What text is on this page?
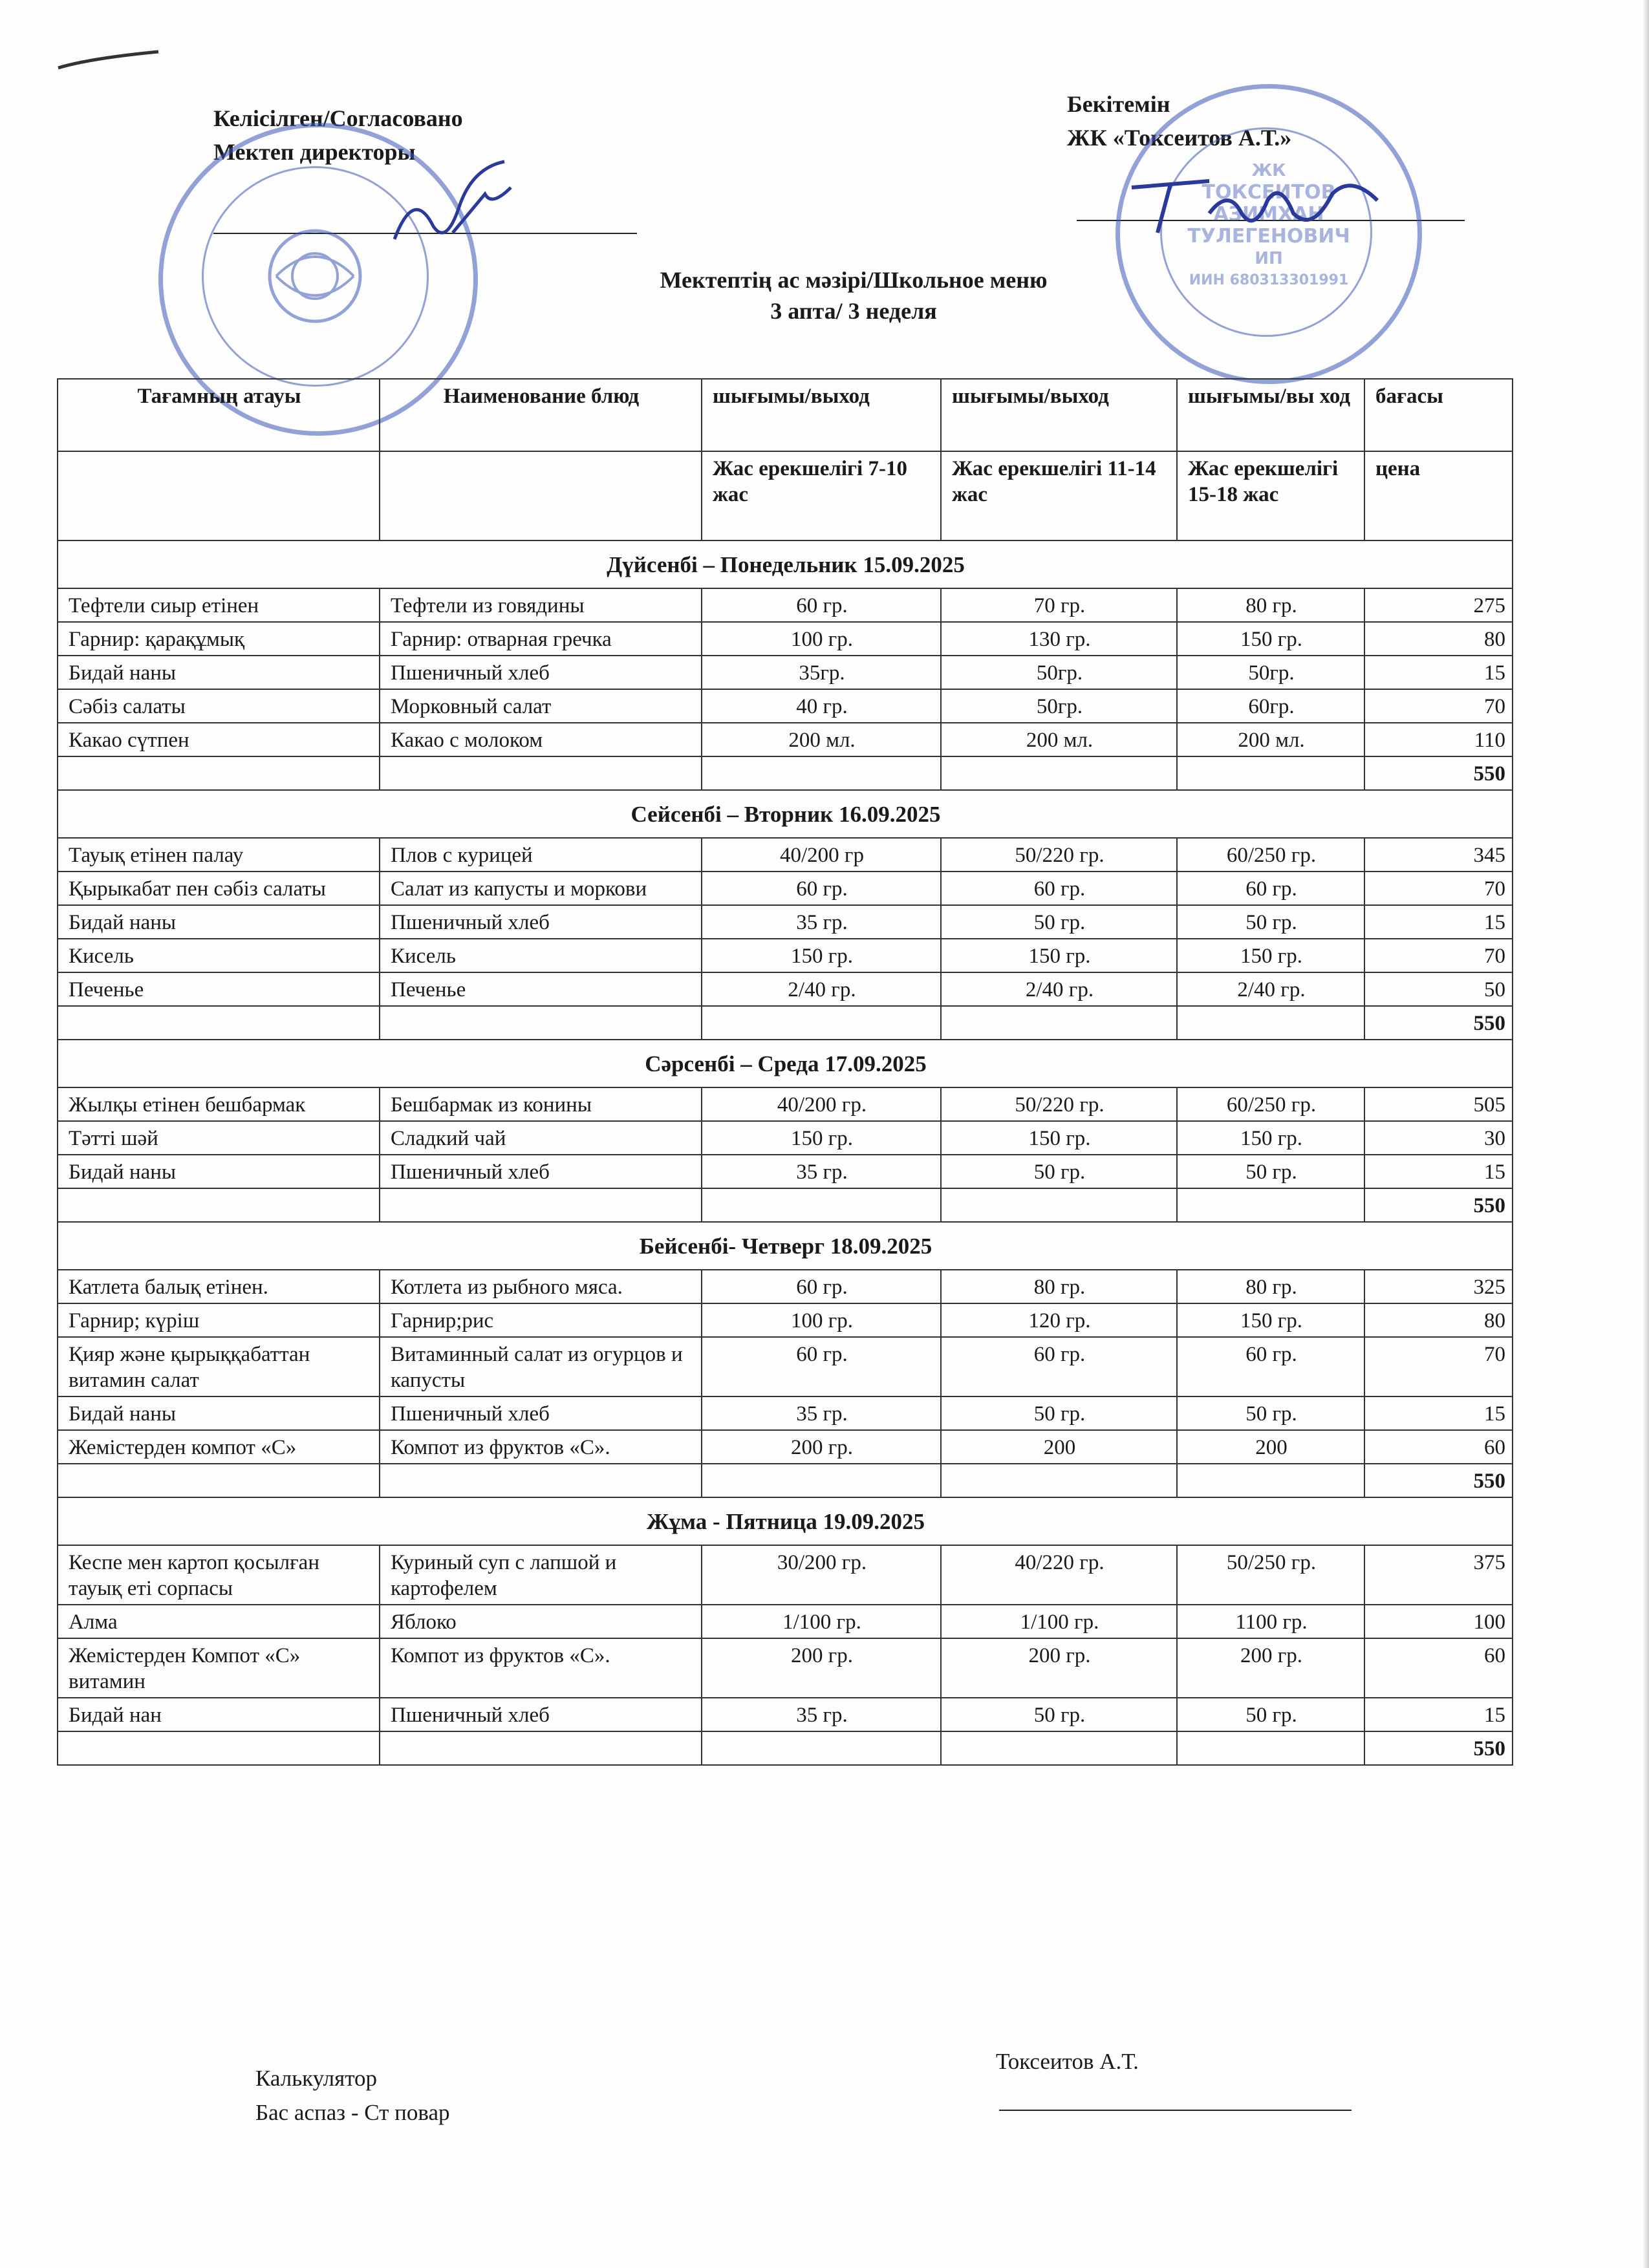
Келісілген/Согласовано
Мектеп директоры
Бекітемін
ЖК «Токсеитов А.Т.»
ЖК
ТОКСЕИТОВ
АЗИМХАН
ТУЛЕГЕНОВИЧ
ИП
ИИН 680313301991
Мектептің ас мәзірі/Школьное меню
3 апта/ 3 неделя
Тағамның атауы	Наименование блюд	шығымы/выход	шығымы/выход	шығымы/вы ход	бағасы
		Жас ерекшелігі 7-10 жас	Жас ерекшелігі 11-14 жас	Жас ерекшелігі 15-18 жас	цена
Дүйсенбі – Понедельник 15.09.2025					
Тефтели сиыр етінен	Тефтели из говядины	60 гр.	70 гр.	80 гр.	275
Гарнир: қарақұмық	Гарнир: отварная гречка	100 гр.	130 гр.	150 гр.	80
Бидай наны	Пшеничный хлеб	35гр.	50гр.	50гр.	15
Сәбіз салаты	Морковный салат	40 гр.	50гр.	60гр.	70
Какао сүтпен	Какао с молоком	200 мл.	200 мл.	200 мл.	110
					550
Сейсенбі – Вторник 16.09.2025					
Тауық етінен палау	Плов с курицей	40/200 гр	50/220 гр.	60/250 гр.	345
Қырыкабат пен сәбіз салаты	Салат из капусты и моркови	60 гр.	60 гр.	60 гр.	70
Бидай наны	Пшеничный хлеб	35 гр.	50 гр.	50 гр.	15
Кисель	Кисель	150 гр.	150 гр.	150 гр.	70
Печенье	Печенье	2/40 гр.	2/40 гр.	2/40 гр.	50
					550
Сәрсенбі – Среда 17.09.2025					
Жылқы етінен бешбармак	Бешбармак из конины	40/200 гр.	50/220 гр.	60/250 гр.	505
Тәтті шәй	Сладкий чай	150 гр.	150 гр.	150 гр.	30
Бидай наны	Пшеничный хлеб	35 гр.	50 гр.	50 гр.	15
					550
Бейсенбі- Четверг 18.09.2025					
Катлета балық етінен.	Котлета из рыбного мяса.	60 гр.	80 гр.	80 гр.	325
Гарнир; күріш	Гарнир;рис	100 гр.	120 гр.	150 гр.	80
Қияр және қырыққабаттан витамин салат	Витаминный салат из огурцов и капусты	60 гр.	60 гр.	60 гр.	70
Бидай наны	Пшеничный хлеб	35 гр.	50 гр.	50 гр.	15
Жемістерден компот «С»	Компот из фруктов «С».	200 гр.	200	200	60
					550
Жұма - Пятница 19.09.2025					
Кеспе мен картоп қосылған тауық еті сорпасы	Куриный суп с лапшой и картофелем	30/200 гр.	40/220 гр.	50/250 гр.	375
Алма	Яблоко	1/100 гр.	1/100 гр.	1100 гр.	100
Жемістерден Компот «С» витамин	Компот из фруктов «С».	200 гр.	200 гр.	200 гр.	60
Бидай нан	Пшеничный хлеб	35 гр.	50 гр.	50 гр.	15
					550
Калькулятор
Бас аспаз - Ст повар
Токсеитов А.Т.
